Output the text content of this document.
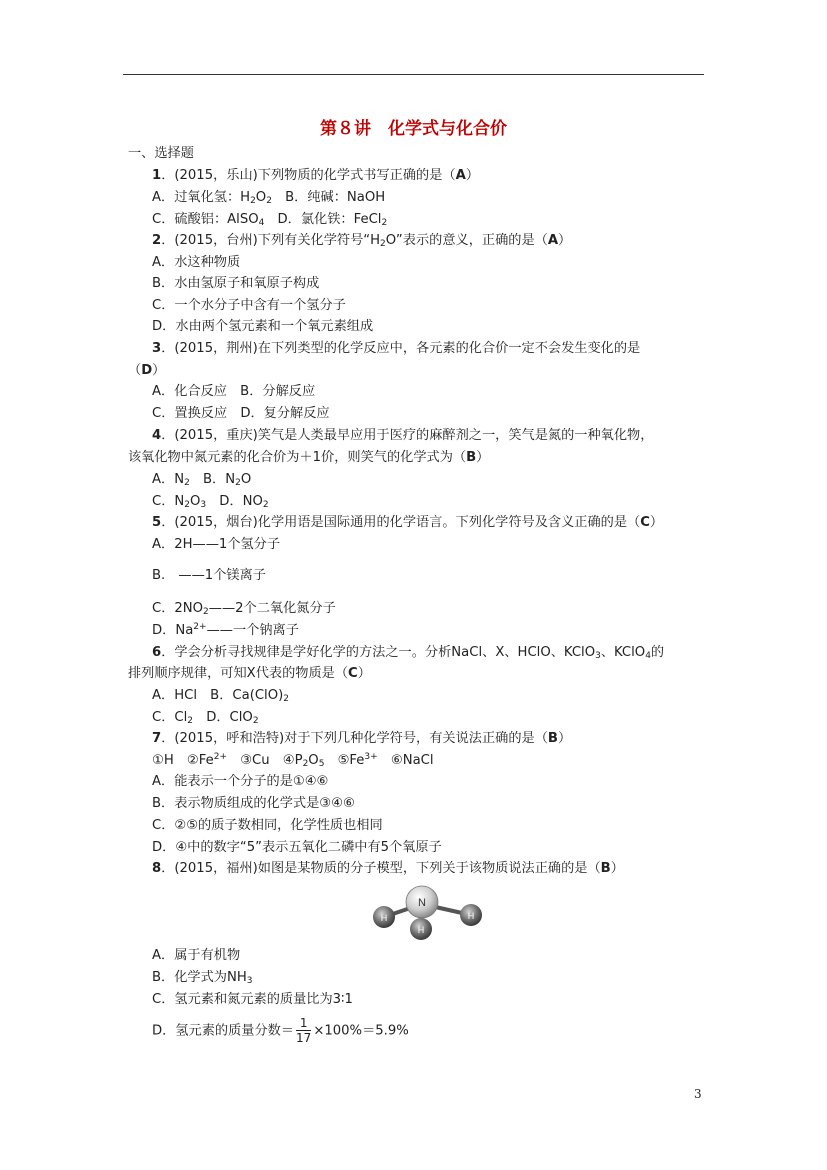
第８讲　化学式与化合价
一、选择题
1．(2015，乐山)下列物质的化学式书写正确的是（A）
A．过氧化氢：$H_2O_2$　B．纯碱：NaOH
C．硫酸铝：AlSO$_4$　D．氯化铁：FeCl$_2$
2．(2015，台州)下列有关化学符号“$H_2O$”表示的意义，正确的是（A）
A．水这种物质
B．水由氢原子和氧原子构成
C．一个水分子中含有一个氢分子
D．水由两个氢元素和一个氧元素组成
3．(2015，荆州)在下列类型的化学反应中，各元素的化合价一定不会发生变化的是
（D）
A．化合反应　B．分解反应
C．置换反应　D．复分解反应
4．(2015，重庆)笑气是人类最早应用于医疗的麻醉剂之一，笑气是氮的一种氧化物，
该氧化物中氮元素的化合价为＋1价，则笑气的化学式为（B）
A．$N_2$　B．$N_2O$
C．$N_2O_3$　D．$NO_2$
5．(2015，烟台)化学用语是国际通用的化学语言。下列化学符号及含义正确的是（C）
A．2H——1个氢分子
B.　——1个镁离子
C．$2NO_2——2$个二氧化氮分子
D．$Na^{2+}——$一个钠离子
6．学会分析寻找规律是学好化学的方法之一。分析NaCl、X、HClO、KClO$_3$、KClO$_4$的
排列顺序规律，可知X代表的物质是（C）
A．HCl　B．$Ca(ClO)_2$
C．$Cl_2$　D．ClO$_2$
7．(2015，呼和浩特)对于下列几种化学符号，有关说法正确的是（B）
①H　$②Fe^{2+}$　③Cu　$④P_2O_5$　$⑤Fe^{3+}$　⑥NaCl
A．能表示一个分子的是①④⑥
B．表示物质组成的化学式是③④⑥
C．②⑤的质子数相同，化学性质也相同
D．④中的数字“5”表示五氧化二磷中有5个氧原子
8．(2015，福州)如图是某物质的分子模型，下列关于该物质说法正确的是（B）
N
H	H
H
A．属于有机物
B．化学式为$NH_3$
C．氢元素和氮元素的质量比为3∶1
D．氢元素的质量分数＝ $\frac{1}{17} \times 100\%=5.9\%$
3
